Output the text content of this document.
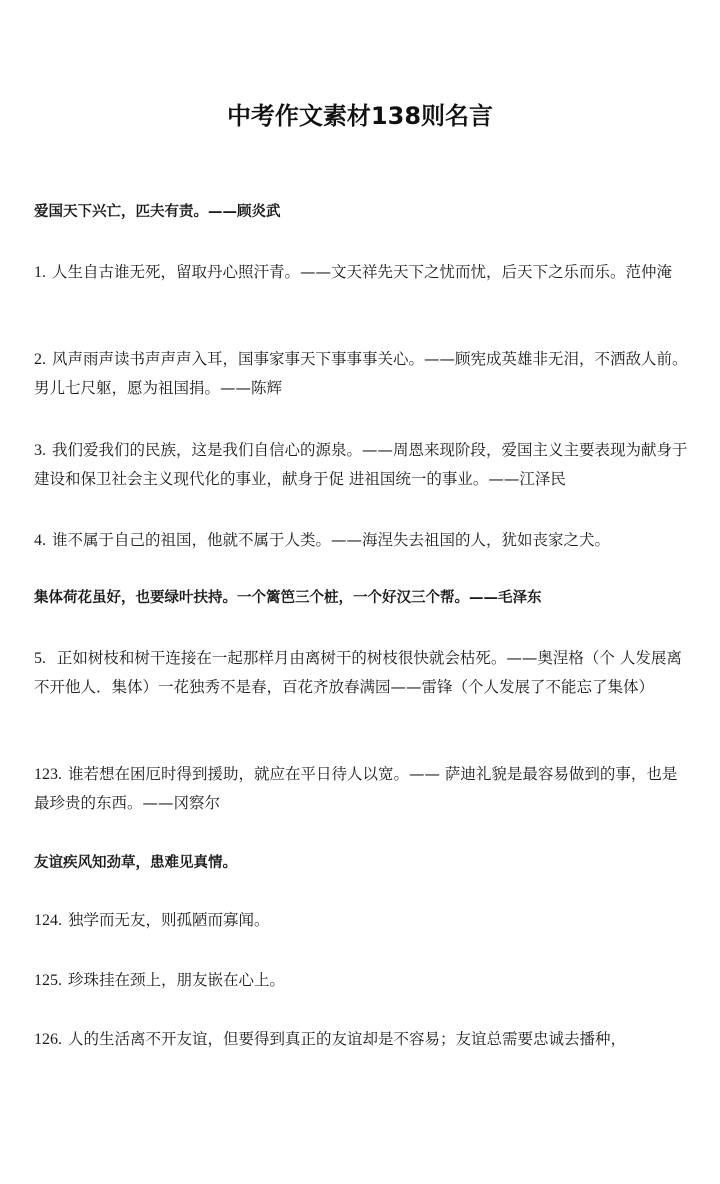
中考作文素材138则名言

爱国天下兴亡，匹夫有责。——顾炎武

1. 人生自古谁无死，留取丹心照汗青。——文天祥先天下之忧而忧，后天下之乐而乐。范仲淹

2. 风声雨声读书声声声入耳，国事家事天下事事事关心。——顾宪成英雄非无泪，不洒敌人前。男儿七尺躯，愿为祖国捐。——陈辉

3. 我们爱我们的民族，这是我们自信心的源泉。——周恩来现阶段，爱国主义主要表现为献身于建设和保卫社会主义现代化的事业，献身于促 进祖国统一的事业。——江泽民

4. 谁不属于自己的祖国，他就不属于人类。——海涅失去祖国的人，犹如丧家之犬。

集体荷花虽好，也要绿叶扶持。一个篱笆三个桩，一个好汉三个帮。——毛泽东

5. 正如树枝和树干连接在一起那样月由离树干的树枝很快就会枯死。——奥涅格（个 人发展离不开他人．集体）一花独秀不是春，百花齐放春满园——雷锋（个人发展了不能忘了集体）

123. 谁若想在困厄时得到援助，就应在平日待人以宽。—— 萨迪礼貌是最容易做到的事，也是最珍贵的东西。——冈察尔

友谊疾风知劲草，患难见真情。

124. 独学而无友，则孤陋而寡闻。

125. 珍珠挂在颈上，朋友嵌在心上。

126. 人的生活离不开友谊，但要得到真正的友谊却是不容易；友谊总需要忠诚去播种，
